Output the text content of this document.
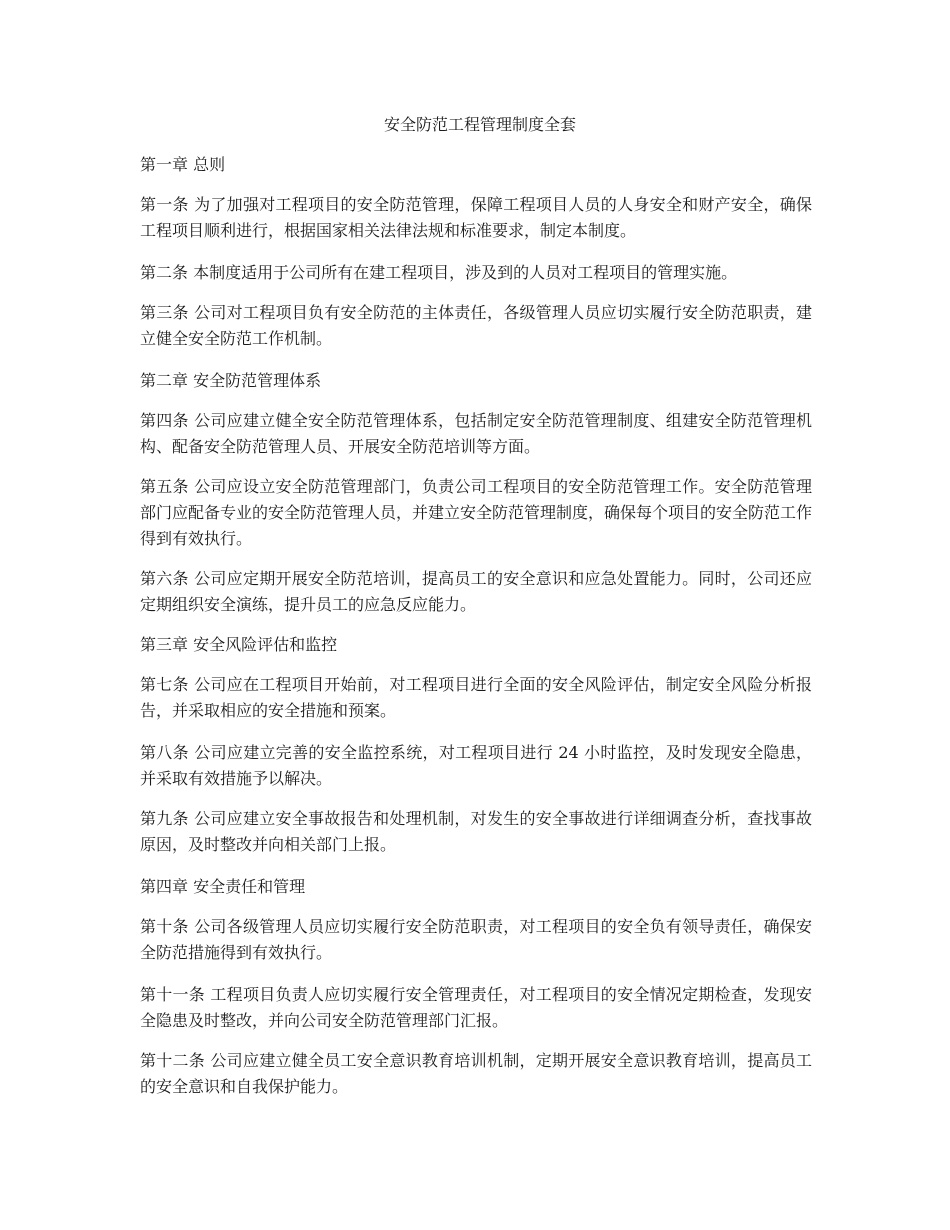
安全防范工程管理制度全套

第一章 总则

第一条 为了加强对工程项目的安全防范管理，保障工程项目人员的人身安全和财产安全，确保工程项目顺利进行，根据国家相关法律法规和标准要求，制定本制度。

第二条 本制度适用于公司所有在建工程项目，涉及到的人员对工程项目的管理实施。

第三条 公司对工程项目负有安全防范的主体责任，各级管理人员应切实履行安全防范职责，建立健全安全防范工作机制。

第二章 安全防范管理体系

第四条 公司应建立健全安全防范管理体系，包括制定安全防范管理制度、组建安全防范管理机构、配备安全防范管理人员、开展安全防范培训等方面。

第五条 公司应设立安全防范管理部门，负责公司工程项目的安全防范管理工作。安全防范管理部门应配备专业的安全防范管理人员，并建立安全防范管理制度，确保每个项目的安全防范工作得到有效执行。

第六条 公司应定期开展安全防范培训，提高员工的安全意识和应急处置能力。同时，公司还应定期组织安全演练，提升员工的应急反应能力。

第三章 安全风险评估和监控

第七条 公司应在工程项目开始前，对工程项目进行全面的安全风险评估，制定安全风险分析报告，并采取相应的安全措施和预案。

第八条 公司应建立完善的安全监控系统，对工程项目进行 24 小时监控，及时发现安全隐患，并采取有效措施予以解决。

第九条 公司应建立安全事故报告和处理机制，对发生的安全事故进行详细调查分析，查找事故原因，及时整改并向相关部门上报。

第四章 安全责任和管理

第十条 公司各级管理人员应切实履行安全防范职责，对工程项目的安全负有领导责任，确保安全防范措施得到有效执行。

第十一条 工程项目负责人应切实履行安全管理责任，对工程项目的安全情况定期检查，发现安全隐患及时整改，并向公司安全防范管理部门汇报。

第十二条 公司应建立健全员工安全意识教育培训机制，定期开展安全意识教育培训，提高员工的安全意识和自我保护能力。
